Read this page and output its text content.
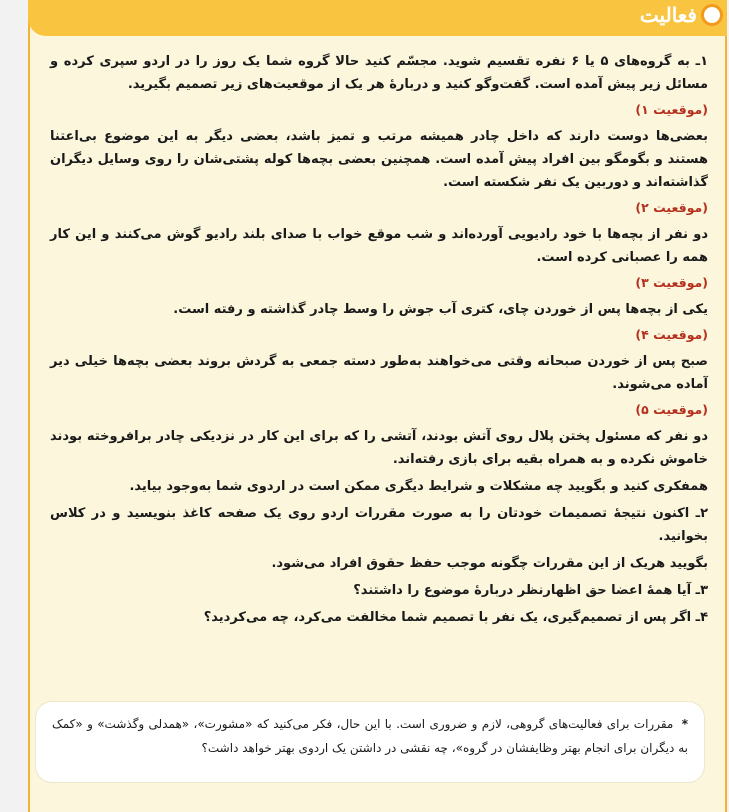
فعالیت

۱ـ به گروه‌های ۵ یا ۶ نفره تقسیم شوید. مجسّم کنید حالا گروه شما یک روز را در اردو سپری کرده و مسائل زیر پیش آمده است. گفت‌وگو کنید و دربارهٔ هر یک از موقعیت‌های زیر تصمیم بگیرید.

(موقعیت ۱)

بعضی‌ها دوست دارند که داخل چادر همیشه مرتب و تمیز باشد، بعضی دیگر به این موضوع بی‌اعتنا هستند و بگومگو بین افراد پیش آمده است. همچنین بعضی بچه‌ها کوله پشتی‌شان را روی وسایل دیگران گذاشته‌اند و دوربین یک نفر شکسته است.

(موقعیت ۲)

دو نفر از بچه‌ها با خود رادیویی آورده‌اند و شب موقع خواب با صدای بلند رادیو گوش می‌کنند و این کار همه را عصبانی کرده است.

(موقعیت ۳)

یکی از بچه‌ها پس از خوردن چای، کتری آب جوش را وسط چادر گذاشته و رفته است.

(موقعیت ۴)

صبح پس از خوردن صبحانه وقتی می‌خواهند به‌طور دسته جمعی به گردش بروند بعضی بچه‌ها خیلی دیر آماده می‌شوند.

(موقعیت ۵)

دو نفر که مسئول پختن پلال روی آتش بودند، آتشی را که برای این کار در نزدیکی چادر برافروخته بودند خاموش نکرده و به همراه بقیه برای بازی رفته‌اند.

همفکری کنید و بگویید چه مشکلات و شرایط دیگری ممکن است در اردوی شما به‌وجود بیاید.

۲ـ اکنون نتیجهٔ تصمیمات خودتان را به صورت مقررات اردو روی یک صفحه کاغذ بنویسید و در کلاس بخوانید.

بگویید هریک از این مقررات چگونه موجب حفظ حقوق افراد می‌شود.

۳ـ آیا همهٔ اعضا حق اظهارنظر دربارهٔ موضوع را داشتند؟

۴ـ اگر پس از تصمیم‌گیری، یک نفر با تصمیم شما مخالفت می‌کرد، چه می‌کردید؟

* مقررات برای فعالیت‌های گروهی، لازم و ضروری است. با این حال، فکر می‌کنید که «مشورت»، «همدلی وگذشت» و «کمک به دیگران برای انجام بهتر وظایفشان در گروه»، چه نقشی در داشتن یک اردوی بهتر خواهد داشت؟
